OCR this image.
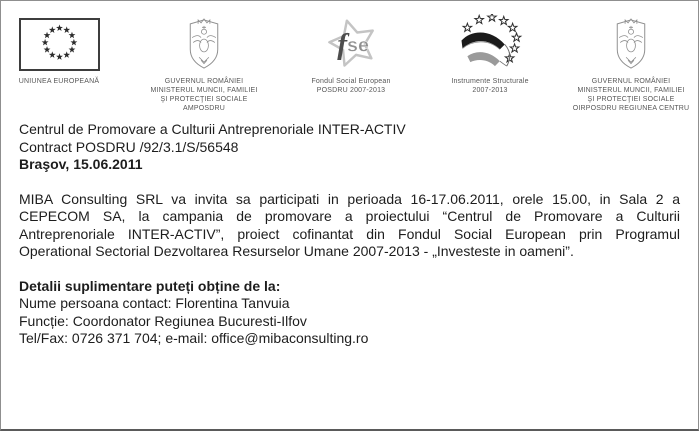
UNIUNEA EUROPEANĂ	GUVERNUL ROMÂNIEI
MINISTERUL MUNCII, FAMILIEI
ŞI PROTECŢIEI SOCIALE
AMPOSDRU
se
f
Fondul Social European
POSDRU 2007-2013
Instrumente Structurale
2007-2013
GUVERNUL ROMÂNIEI
MINISTERUL MUNCII, FAMILIEI
ŞI PROTECŢIEI SOCIALE
OIRPOSDRU REGIUNEA CENTRU
Centrul de Promovare a Culturii Antreprenoriale INTER-ACTIV
Contract POSDRU /92/3.1/S/56548
Braşov, 15.06.2011
MIBA Consulting SRL va invita sa participati in perioada 16-17.06.2011, orele 15.00, in Sala 2 a
CEPECOM SA, la campania de promovare a proiectului “Centrul de Promovare a Culturii
Antreprenoriale INTER-ACTIV”, proiect cofinantat din Fondul Social European prin Programul
Operational Sectorial Dezvoltarea Resurselor Umane 2007-2013 - „Investeste in oameni”.
Detalii suplimentare puteți obține de la:
Nume persoana contact: Florentina Tanvuia
Funcție: Coordonator Regiunea Bucuresti-Ilfov
Tel/Fax: 0726 371 704; e-mail: office@mibaconsulting.ro
